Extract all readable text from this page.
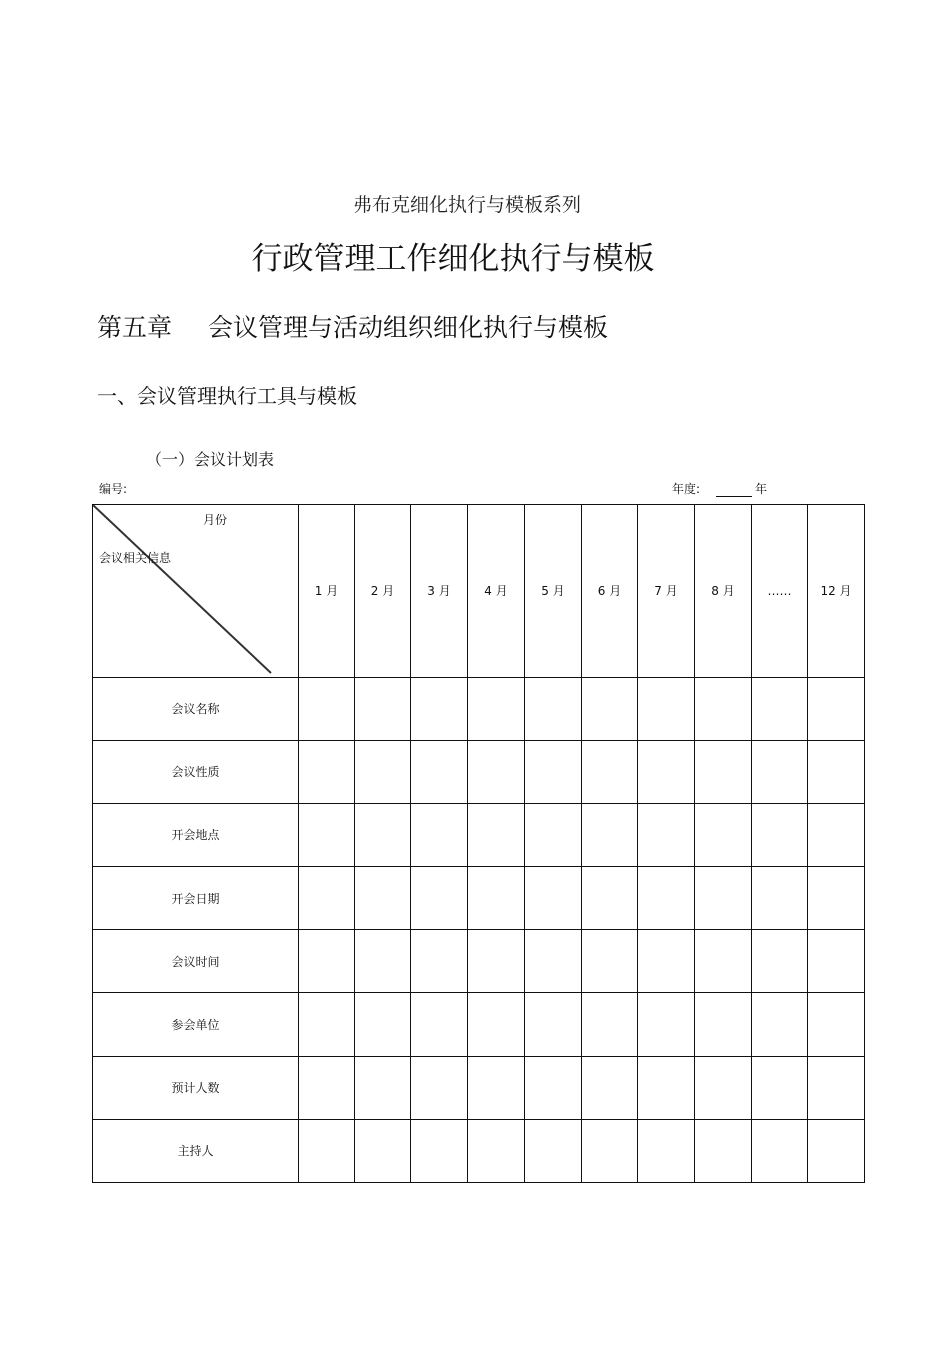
弗布克细化执行与模板系列
行政管理工作细化执行与模板
第五章 会议管理与活动组织细化执行与模板
一、会议管理执行工具与模板
（一）会议计划表
编号:	年度:	年
月份
会议相关信息	1 月	2 月	3 月	4 月	5 月	6 月	7 月	8 月	……	12 月
会议名称										
会议性质										
开会地点										
开会日期										
会议时间										
参会单位										
预计人数										
主持人										
